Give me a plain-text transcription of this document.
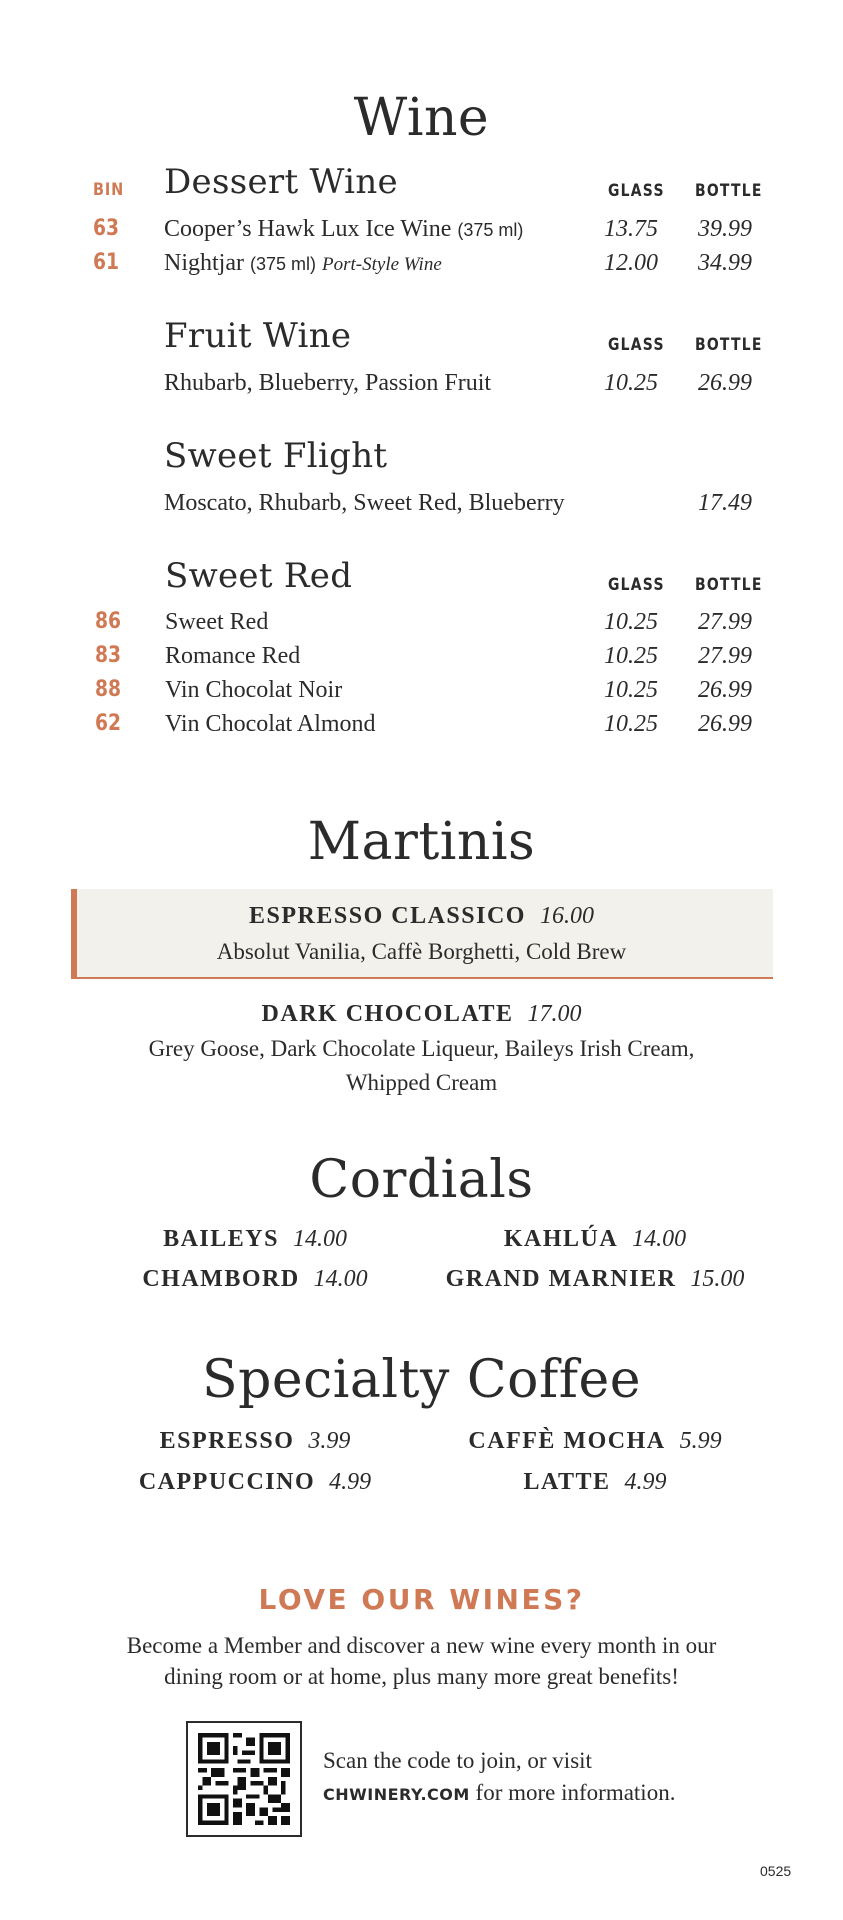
Wine
BIN Dessert Wine	GLASS BOTTLE
63 Cooper’s Hawk Lux Ice Wine (375 ml)	13.75	39.99
61 Nightjar (375 ml) Port-Style Wine	12.00	34.99
Fruit Wine	GLASS BOTTLE
Rhubarb, Blueberry, Passion Fruit	10.25	26.99
Sweet Flight
Moscato, Rhubarb, Sweet Red, Blueberry	17.49
Sweet Red	GLASS BOTTLE
86 Sweet Red	10.25	27.99
83 Romance Red	10.25	27.99
88 Vin Chocolat Noir	10.25	26.99
62 Vin Chocolat Almond	10.25	26.99
Martinis
ESPRESSO CLASSICO 16.00
Absolut Vanilia, Caffè Borghetti, Cold Brew
DARK CHOCOLATE 17.00
Grey Goose, Dark Chocolate Liqueur, Baileys Irish Cream,
Whipped Cream
Cordials
BAILEYS 14.00	KAHLÚA 14.00
CHAMBORD 14.00	GRAND MARNIER 15.00
Specialty Coffee
ESPRESSO 3.99	CAFFÈ MOCHA 5.99
CAPPUCCINO 4.99	LATTE 4.99
LOVE OUR WINES?
Become a Member and discover a new wine every month in our
dining room or at home, plus many more great benefits!
Scan the code to join, or visit
CHWINERY.COM for more information.
0525
